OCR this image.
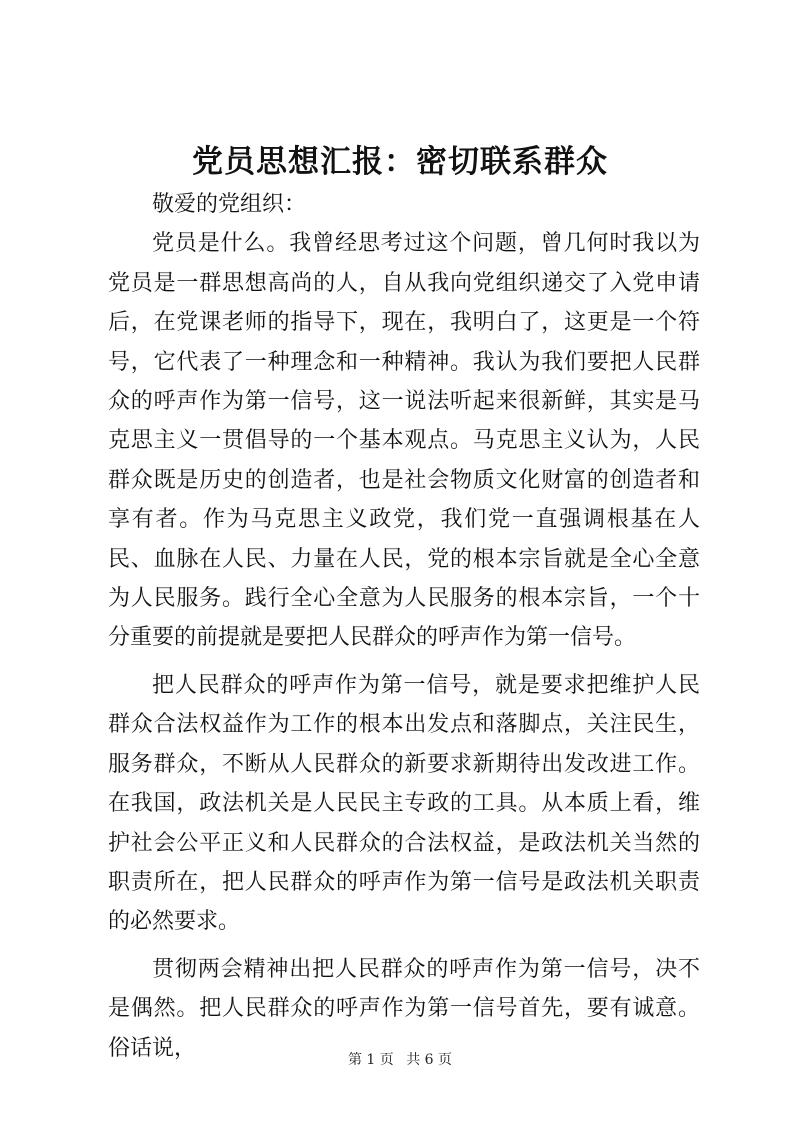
党员思想汇报：密切联系群众

敬爱的党组织：

党员是什么。我曾经思考过这个问题，曾几何时我以为党员是一群思想高尚的人，自从我向党组织递交了入党申请后，在党课老师的指导下，现在，我明白了，这更是一个符号，它代表了一种理念和一种精神。我认为我们要把人民群众的呼声作为第一信号，这一说法听起来很新鲜，其实是马克思主义一贯倡导的一个基本观点。马克思主义认为，人民群众既是历史的创造者，也是社会物质文化财富的创造者和享有者。作为马克思主义政党，我们党一直强调根基在人民、血脉在人民、力量在人民，党的根本宗旨就是全心全意为人民服务。践行全心全意为人民服务的根本宗旨，一个十分重要的前提就是要把人民群众的呼声作为第一信号。

把人民群众的呼声作为第一信号，就是要求把维护人民群众合法权益作为工作的根本出发点和落脚点，关注民生，服务群众，不断从人民群众的新要求新期待出发改进工作。在我国，政法机关是人民民主专政的工具。从本质上看，维护社会公平正义和人民群众的合法权益，是政法机关当然的职责所在，把人民群众的呼声作为第一信号是政法机关职责的必然要求。

贯彻两会精神出把人民群众的呼声作为第一信号，决不是偶然。把人民群众的呼声作为第一信号首先，要有诚意。俗话说，	第 1 页 共 6 页
